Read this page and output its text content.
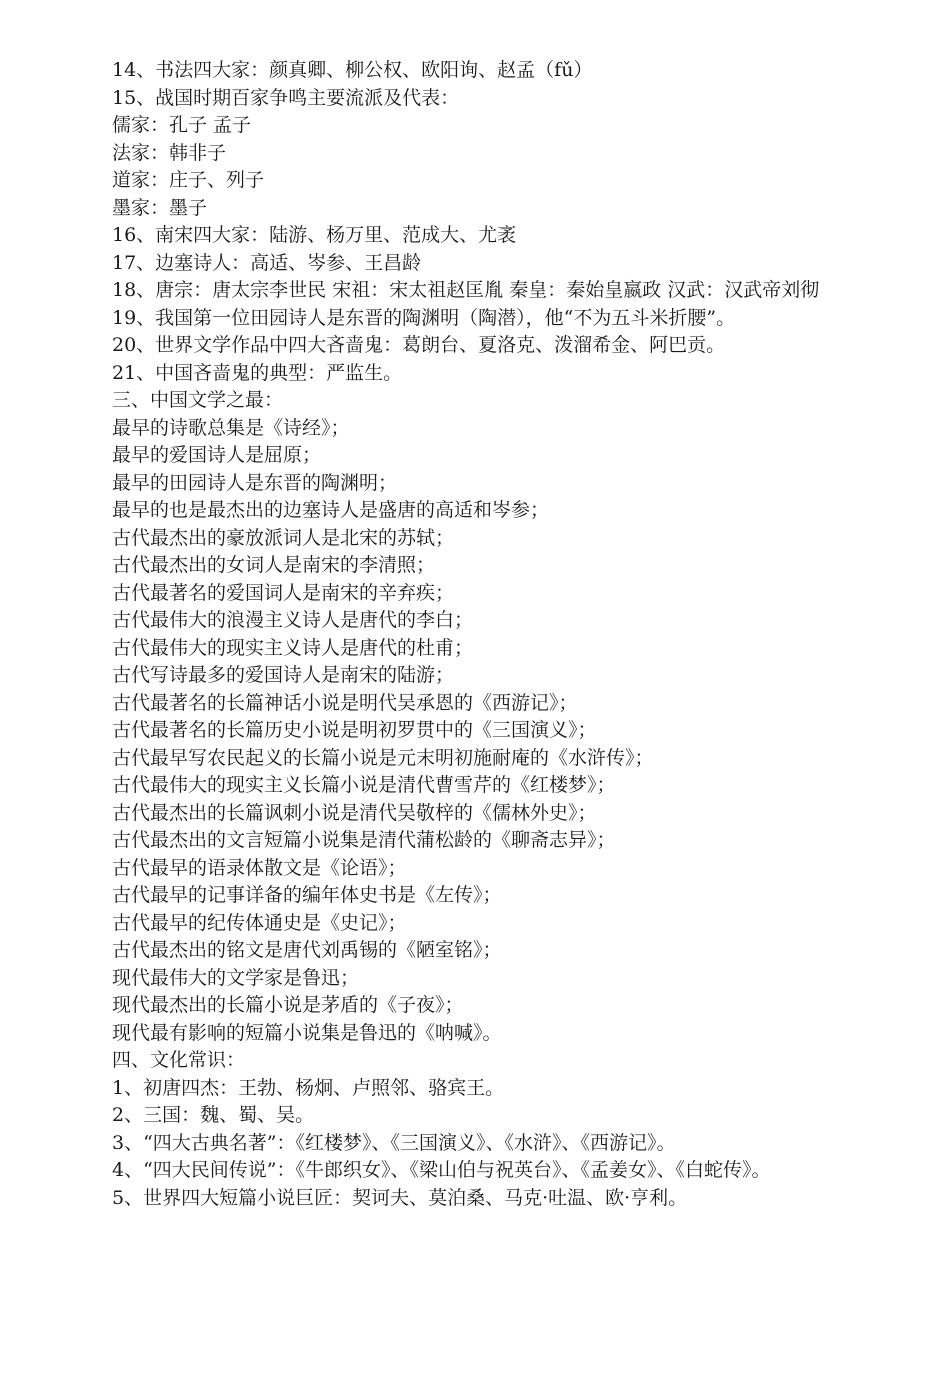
14、书法四大家：颜真卿、柳公权、欧阳询、赵孟（fǔ）
15、战国时期百家争鸣主要流派及代表：
儒家：孔子 孟子
法家：韩非子
道家：庄子、列子
墨家：墨子
16、南宋四大家：陆游、杨万里、范成大、尤袤
17、边塞诗人：高适、岑参、王昌龄
18、唐宗：唐太宗李世民 宋祖：宋太祖赵匡胤 秦皇：秦始皇嬴政 汉武：汉武帝刘彻
19、我国第一位田园诗人是东晋的陶渊明（陶潜），他“不为五斗米折腰”。
20、世界文学作品中四大吝啬鬼：葛朗台、夏洛克、泼溜希金、阿巴贡。
21、中国吝啬鬼的典型：严监生。
三、中国文学之最：
最早的诗歌总集是《诗经》；
最早的爱国诗人是屈原；
最早的田园诗人是东晋的陶渊明；
最早的也是最杰出的边塞诗人是盛唐的高适和岑参；
古代最杰出的豪放派词人是北宋的苏轼；
古代最杰出的女词人是南宋的李清照；
古代最著名的爱国词人是南宋的辛弃疾；
古代最伟大的浪漫主义诗人是唐代的李白；
古代最伟大的现实主义诗人是唐代的杜甫；
古代写诗最多的爱国诗人是南宋的陆游；
古代最著名的长篇神话小说是明代吴承恩的《西游记》；
古代最著名的长篇历史小说是明初罗贯中的《三国演义》；
古代最早写农民起义的长篇小说是元末明初施耐庵的《水浒传》；
古代最伟大的现实主义长篇小说是清代曹雪芹的《红楼梦》；
古代最杰出的长篇讽刺小说是清代吴敬梓的《儒林外史》；
古代最杰出的文言短篇小说集是清代蒲松龄的《聊斋志异》；
古代最早的语录体散文是《论语》；
古代最早的记事详备的编年体史书是《左传》；
古代最早的纪传体通史是《史记》；
古代最杰出的铭文是唐代刘禹锡的《陋室铭》；
现代最伟大的文学家是鲁迅；
现代最杰出的长篇小说是茅盾的《子夜》；
现代最有影响的短篇小说集是鲁迅的《呐喊》。
四、文化常识：
1、初唐四杰：王勃、杨炯、卢照邻、骆宾王。
2、三国：魏、蜀、吴。
3、“四大古典名著”：《红楼梦》、《三国演义》、《水浒》、《西游记》。
4、“四大民间传说”：《牛郎织女》、《梁山伯与祝英台》、《孟姜女》、《白蛇传》。
5、世界四大短篇小说巨匠：契诃夫、莫泊桑、马克·吐温、欧·亨利。
